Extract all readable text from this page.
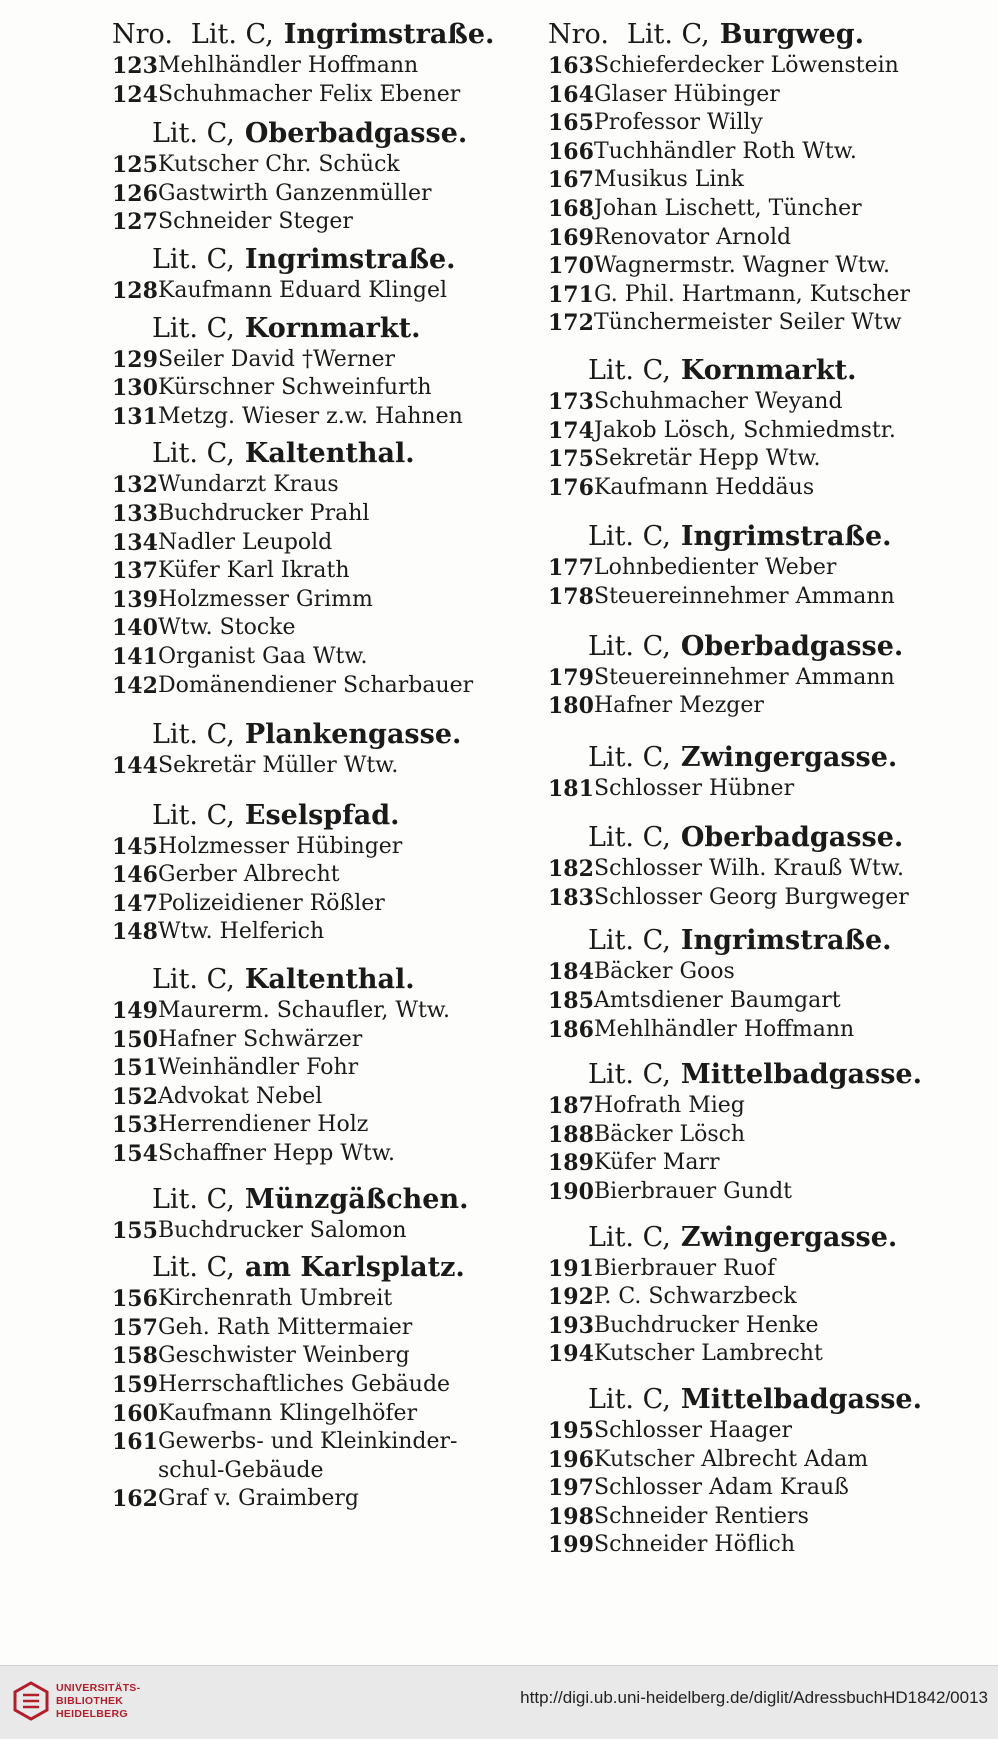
Nro. Lit. C, Ingrimstraße.
123 Mehlhändler Hoffmann
124 Schuhmacher Felix Ebener
Lit. C, Oberbadgasse.
125 Kutscher Chr. Schück
126 Gastwirth Ganzenmüller
127 Schneider Steger
Lit. C, Ingrimstraße.
128 Kaufmann Eduard Klingel
Lit. C, Kornmarkt.
129 Seiler David †Werner
130 Kürschner Schweinfurth
131 Metzg. Wieser z.w. Hahnen
Lit. C, Kaltenthal.
132 Wundarzt Kraus
133 Buchdrucker Prahl
134 Nadler Leupold
137 Küfer Karl Ikrath
139 Holzmesser Grimm
140 Wtw. Stocke
141 Organist Gaa Wtw.
142 Domänendiener Scharbauer
Lit. C, Plankengasse.
144 Sekretär Müller Wtw.
Lit. C, Eselspfad.
145 Holzmesser Hübinger
146 Gerber Albrecht
147 Polizeidiener Rößler
148 Wtw. Helferich
Lit. C, Kaltenthal.
149 Maurerm. Schaufler, Wtw.
150 Hafner Schwärzer
151 Weinhändler Fohr
152 Advokat Nebel
153 Herrendiener Holz
154 Schaffner Hepp Wtw.
Lit. C, Münzgäßchen.
155 Buchdrucker Salomon
Lit. C, am Karlsplatz.
156 Kirchenrath Umbreit
157 Geh. Rath Mittermaier
158 Geschwister Weinberg
159 Herrschaftliches Gebäude
160 Kaufmann Klingelhöfer
161 Gewerbs- und Kleinkinder-
schul-Gebäude
162 Graf v. Graimberg
Nro. Lit. C, Burgweg.
163 Schieferdecker Löwenstein
164 Glaser Hübinger
165 Professor Willy
166 Tuchhändler Roth Wtw.
167 Musikus Link
168 Johan Lischett, Tüncher
169 Renovator Arnold
170 Wagnermstr. Wagner Wtw.
171 G. Phil. Hartmann, Kutscher
172 Tünchermeister Seiler Wtw
Lit. C, Kornmarkt.
173 Schuhmacher Weyand
174 Jakob Lösch, Schmiedmstr.
175 Sekretär Hepp Wtw.
176 Kaufmann Heddäus
Lit. C, Ingrimstraße.
177 Lohnbedienter Weber
178 Steuereinnehmer Ammann
Lit. C, Oberbadgasse.
179 Steuereinnehmer Ammann
180 Hafner Mezger
Lit. C, Zwingergasse.
181 Schlosser Hübner
Lit. C, Oberbadgasse.
182 Schlosser Wilh. Krauß Wtw.
183 Schlosser Georg Burgweger
Lit. C, Ingrimstraße.
184 Bäcker Goos
185 Amtsdiener Baumgart
186 Mehlhändler Hoffmann
Lit. C, Mittelbadgasse.
187 Hofrath Mieg
188 Bäcker Lösch
189 Küfer Marr
190 Bierbrauer Gundt
Lit. C, Zwingergasse.
191 Bierbrauer Ruof
192 P. C. Schwarzbeck
193 Buchdrucker Henke
194 Kutscher Lambrecht
Lit. C, Mittelbadgasse.
195 Schlosser Haager
196 Kutscher Albrecht Adam
197 Schlosser Adam Krauß
198 Schneider Rentiers
199 Schneider Höflich
UNIVERSITÄTS-
BIBLIOTHEK
HEIDELBERG
http://digi.ub.uni-heidelberg.de/diglit/AdressbuchHD1842/0013
